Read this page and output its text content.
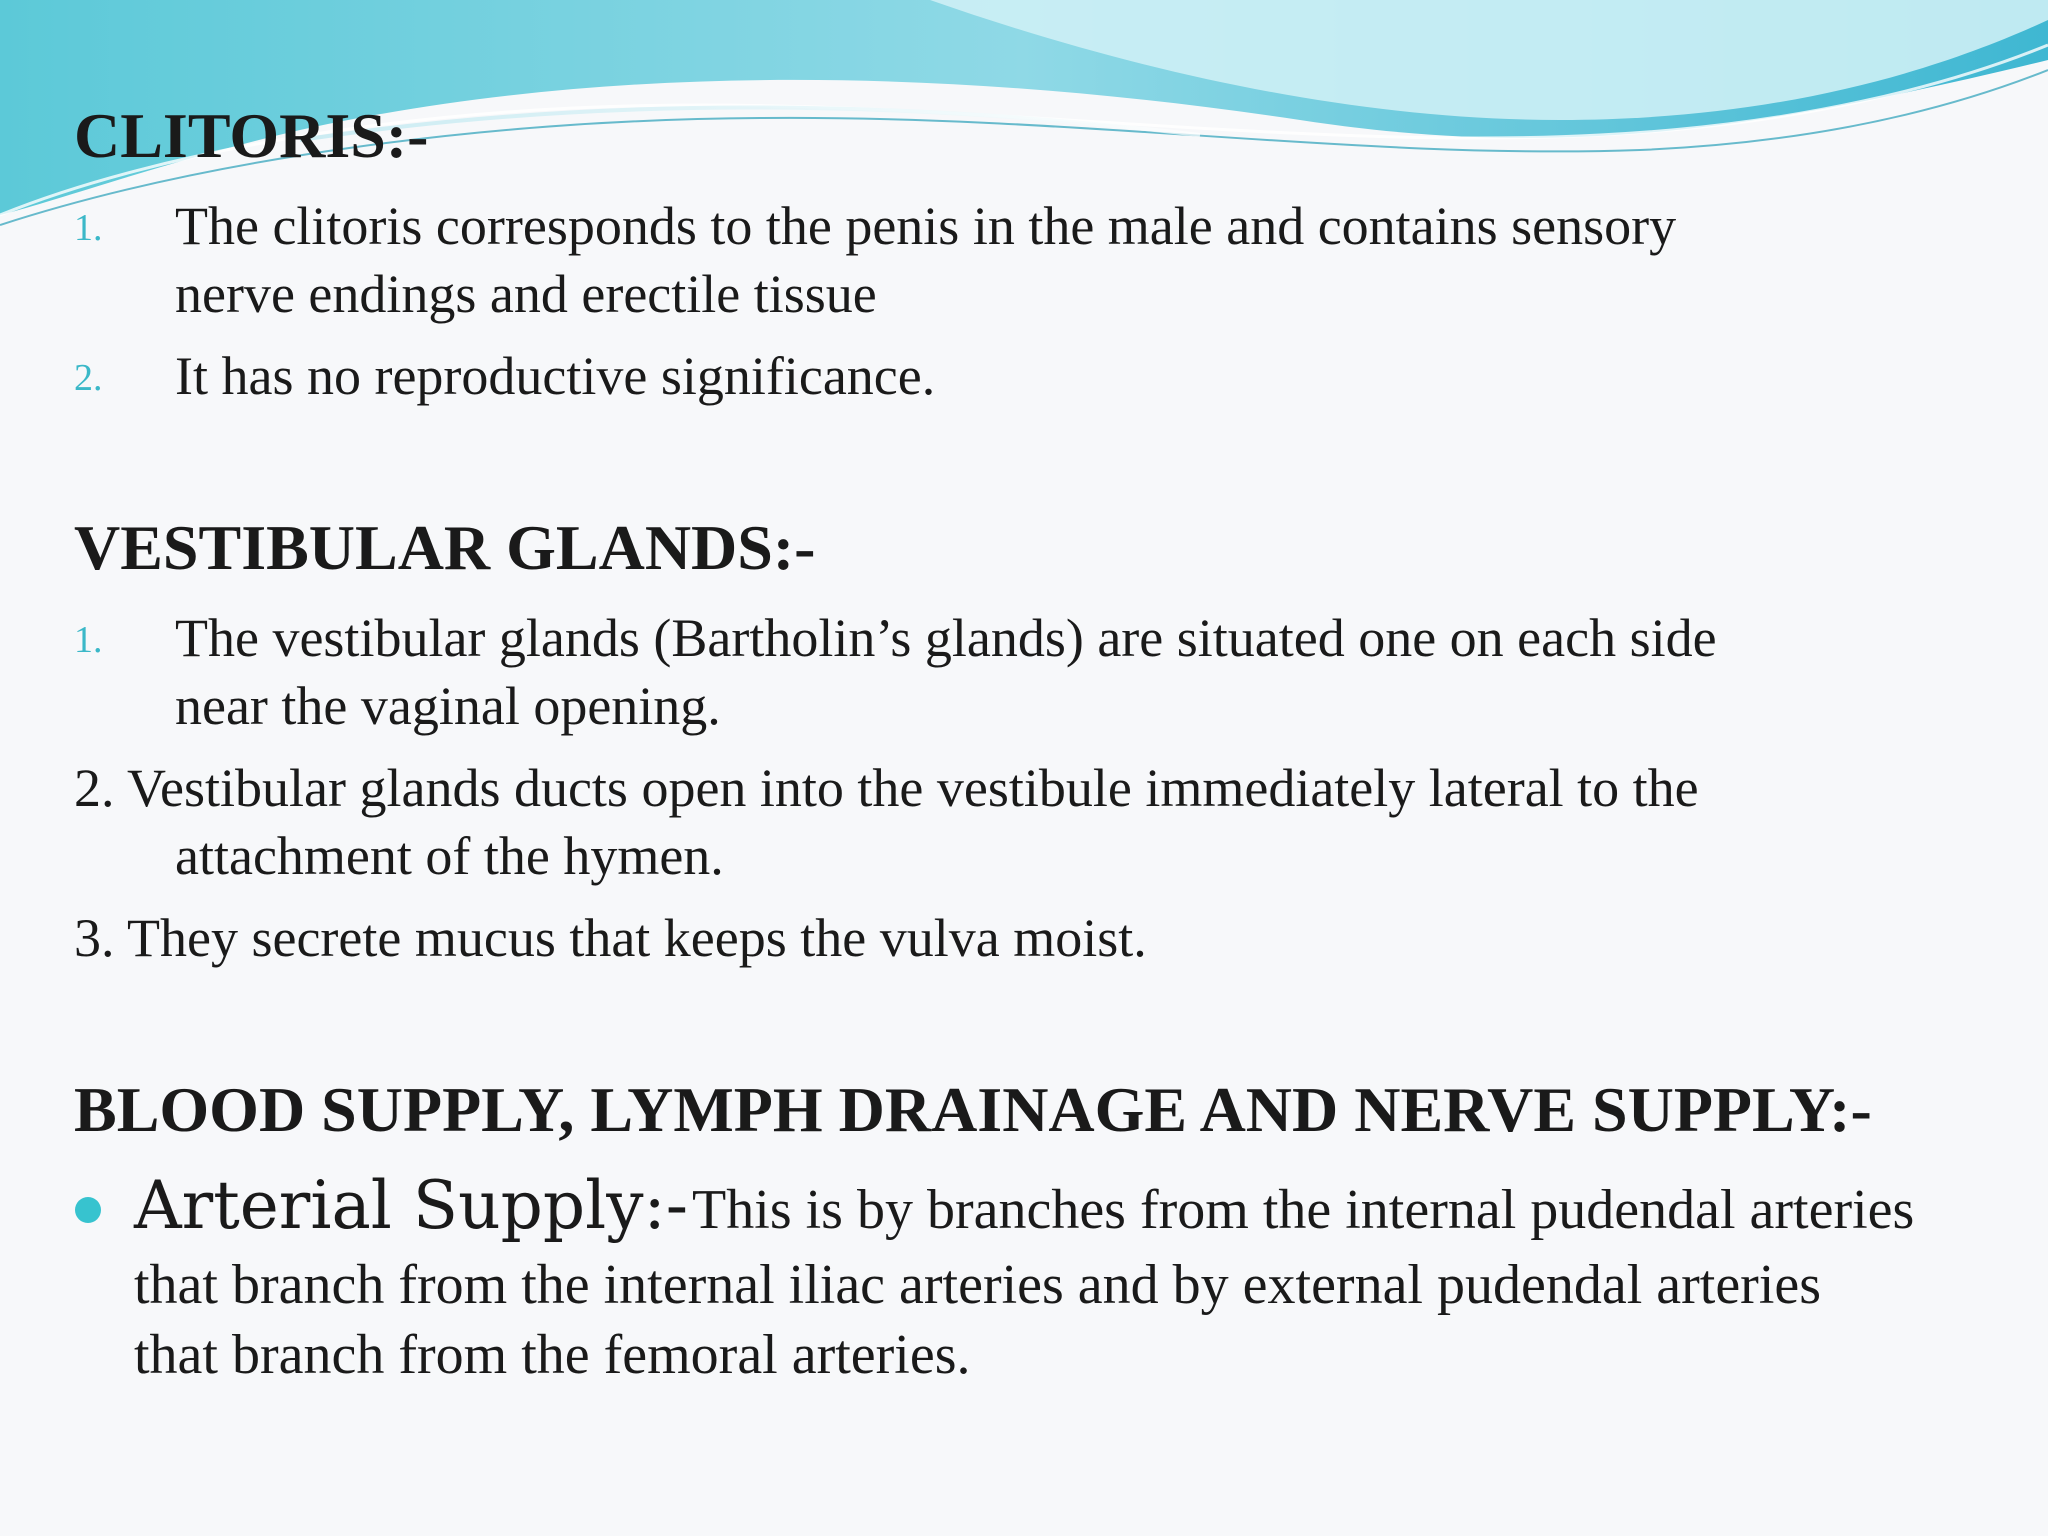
CLITORIS:-
1. The clitoris corresponds to the penis in the male and contains sensory
nerve endings and erectile tissue
2. It has no reproductive significance.
VESTIBULAR GLANDS:-
1. The vestibular glands (Bartholin’s glands) are situated one on each side
near the vaginal opening.
2. Vestibular glands ducts open into the vestibule immediately lateral to the
attachment of the hymen.
3. They secrete mucus that keeps the vulva moist.
BLOOD SUPPLY, LYMPH DRAINAGE AND NERVE SUPPLY:-
Arterial Supply:- This is by branches from the internal pudendal arteries
that branch from the internal iliac arteries and by external pudendal arteries
that branch from the femoral arteries.
